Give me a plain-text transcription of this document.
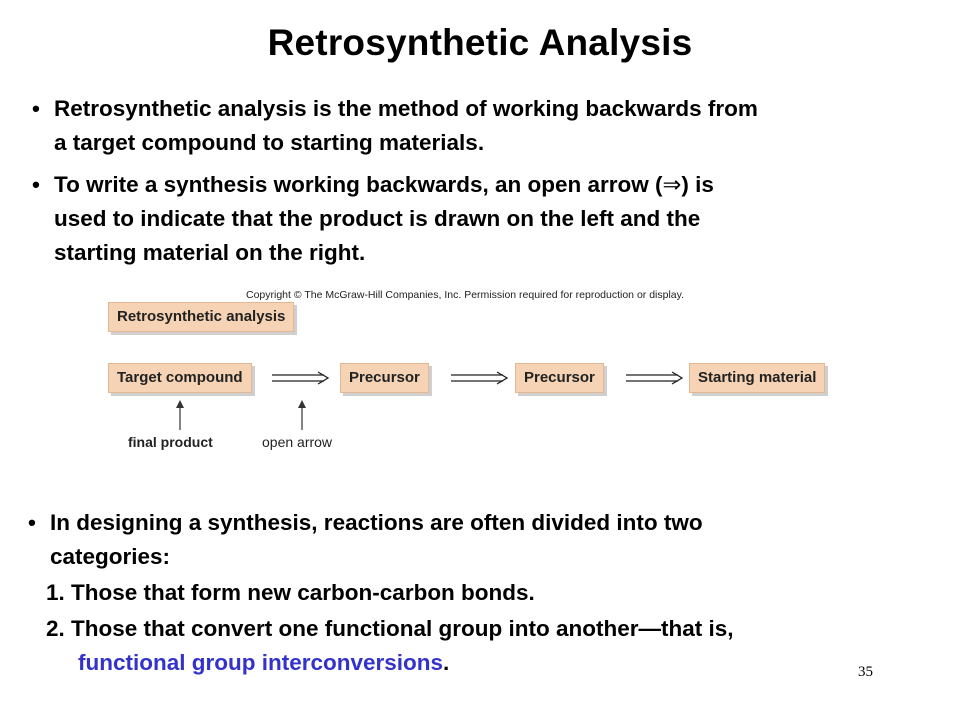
Retrosynthetic Analysis
• Retrosynthetic analysis is the method of working backwards from
a target compound to starting materials.
• To write a synthesis working backwards, an open arrow (⇒) is
used to indicate that the product is drawn on the left and the
starting material on the right.
Copyright © The McGraw-Hill Companies, Inc. Permission required for reproduction or display.
Retrosynthetic analysis
Target compound	Precursor	Precursor	Starting material
final product	open arrow
• In designing a synthesis, reactions are often divided into two
categories:
1. Those that form new carbon-carbon bonds.
2. Those that convert one functional group into another—that is,
functional group interconversions.	35
